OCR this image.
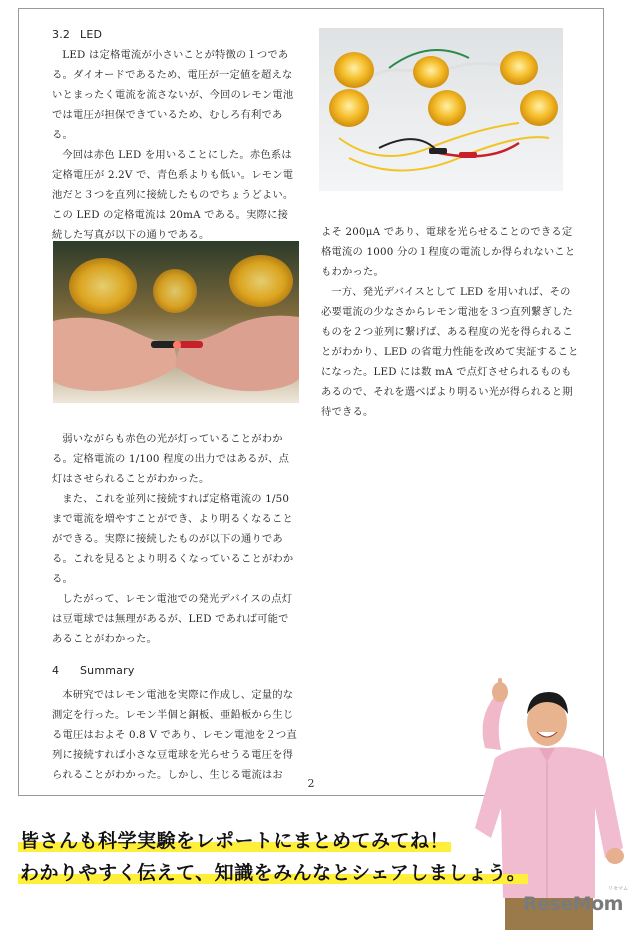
3.2 LED

LED は定格電流が小さいことが特徴の１つである。ダイオードであるため、電圧が一定値を超えないとまったく電流を流さないが、今回のレモン電池では電圧が担保できているため、むしろ有利である。

今回は赤色 LED を用いることにした。赤色系は定格電圧が 2.2V で、青色系よりも低い。レモン電池だと３つを直列に接続したものでちょうどよい。この LED の定格電流は 20mA である。実際に接続した写真が以下の通りである。

弱いながらも赤色の光が灯っていることがわかる。定格電流の 1/100 程度の出力ではあるが、点灯はさせられることがわかった。

また、これを並列に接続すれば定格電流の 1/50 まで電流を増やすことができ、より明るくなることができる。実際に接続したものが以下の通りである。これを見るとより明るくなっていることがわかる。

したがって、レモン電池での発光デバイスの点灯は豆電球では無理があるが、LED であれば可能であることがわかった。

4 Summary

本研究ではレモン電池を実際に作成し、定量的な測定を行った。レモン半個と銅板、亜鉛板から生じる電圧はおよそ 0.8 V であり、レモン電池を２つ直列に接続すれば小さな豆電球を光らせうる電圧を得られることがわかった。しかし、生じる電流はお

よそ 200μA であり、電球を光らせることのできる定格電流の 1000 分の１程度の電流しか得られないこともわかった。

一方、発光デバイスとして LED を用いれば、その必要電流の少なさからレモン電池を３つ直列繋ぎしたものを２つ並列に繋げば、ある程度の光を得られることがわかり、LED の省電力性能を改めて実証することになった。LED には数 mA で点灯させられるものもあるので、それを選べばより明るい光が得られると期待できる。

2
皆さんも科学実験をレポートにまとめてみてね！
わかりやすく伝えて、知識をみんなとシェアしましょう。
リセマム
ReseMom
